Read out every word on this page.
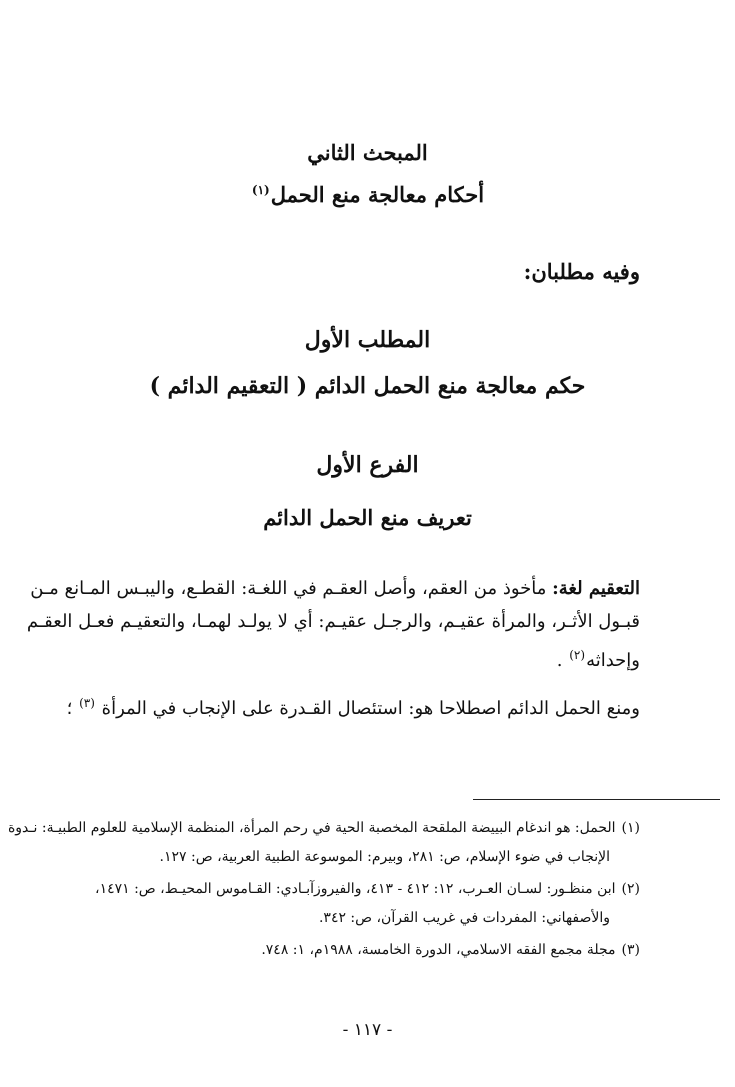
المبحث الثاني
أحكام معالجة منع الحمل$^{(١)}$
وفيه مطلبان:
المطلب الأول
حكم معالجة منع الحمل الدائم ( التعقيم الدائم )
الفرع الأول
تعريف منع الحمل الدائم
التعقيم لغة: مأخوذ من العقم، وأصل العقـم في اللغـة: القطـع، واليبـس المـانع مـن
قبـول الأثـر، والمرأة عقيـم، والرجـل عقيـم: أي لا يولـد لهمـا، والتعقيـم فعـل العقـم
وإحداثه$^{(٢)}$ .
ومنع الحمل الدائم اصطلاحا هو: استئصال القـدرة على الإنجاب في المرأة $^{(٣)}$ ؛
(١)الحمل: هو اندغام البييضة الملقحة المخصبة الحية في رحم المرأة، المنظمة الإسلامية للعلوم الطبيـة: نـدوة
الإنجاب في ضوء الإسلام، ص: ٢٨١، وبيرم: الموسوعة الطبية العربية، ص: ١٢٧.
(٢)ابن منظـور: لسـان العـرب، ١٢: ٤١٢ - ٤١٣، والفيروزآبـادي: القـاموس المحيـط، ص: ١٤٧١،
والأصفهاني: المفردات في غريب القرآن، ص: ٣٤٢.
(٣)مجلة مجمع الفقه الاسلامي، الدورة الخامسة، ١٩٨٨م، ١: ٧٤٨.
- ١١٧ -
